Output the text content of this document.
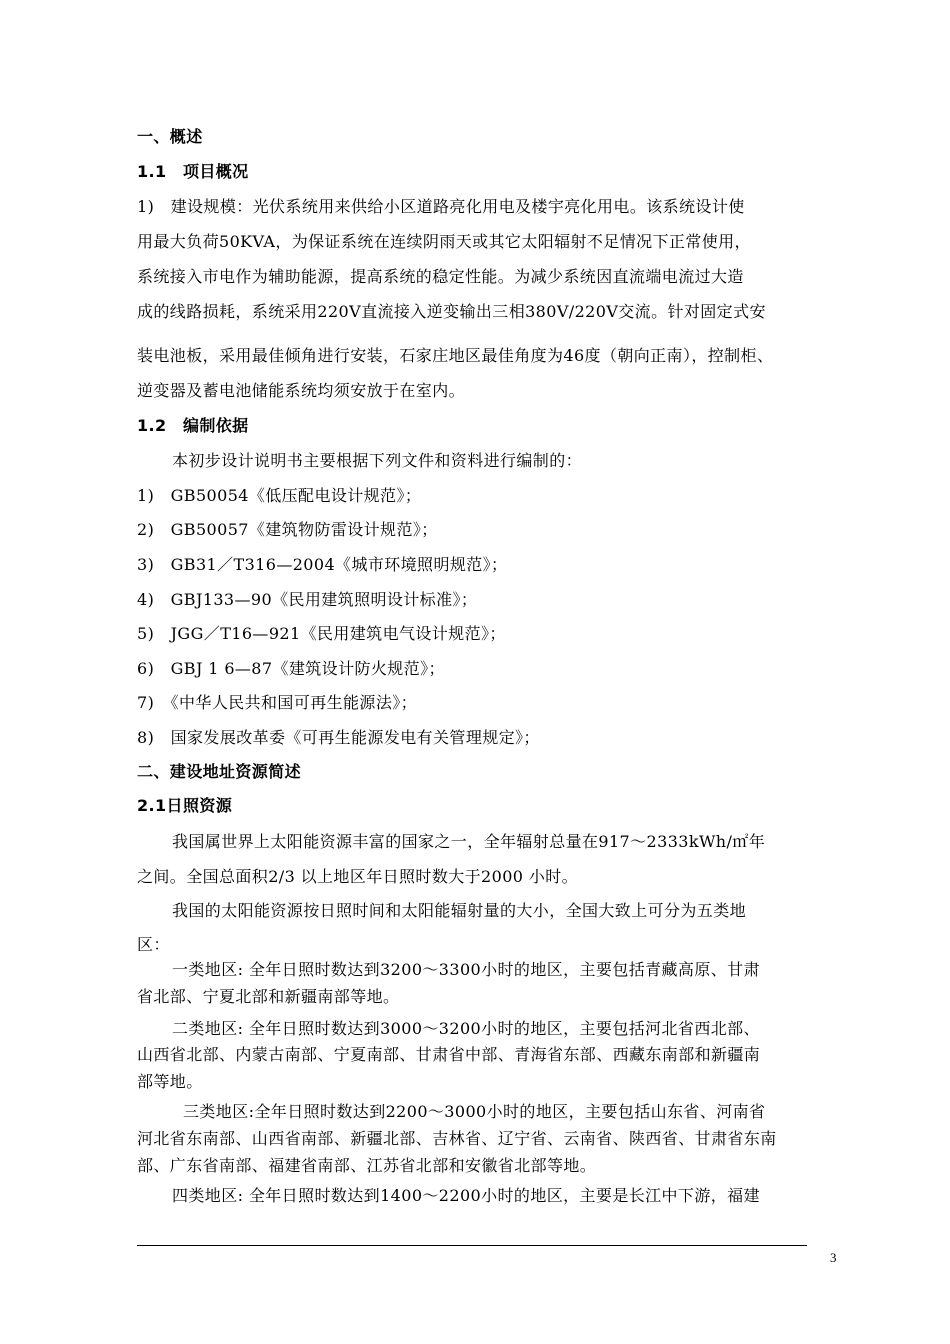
一、概述
1.1　项目概况
1)　建设规模：光伏系统用来供给小区道路亮化用电及楼宇亮化用电。该系统设计使
用最大负荷50KVA，为保证系统在连续阴雨天或其它太阳辐射不足情况下正常使用，
系统接入市电作为辅助能源，提高系统的稳定性能。为减少系统因直流端电流过大造
成的线路损耗，系统采用220V直流接入逆变输出三相380V/220V交流。针对固定式安
装电池板，采用最佳倾角进行安装，石家庄地区最佳角度为46度（朝向正南），控制柜、
逆变器及蓄电池储能系统均须安放于在室内。
1.2　编制依据
本初步设计说明书主要根据下列文件和资料进行编制的：
1)　GB50054《低压配电设计规范》；
2)　GB50057《建筑物防雷设计规范》；
3)　GB31／T316—2004《城市环境照明规范》；
4)　GBJ133—90《民用建筑照明设计标准》；
5)　JGG／T16—921《民用建筑电气设计规范》；
6)　GBJ 1 6—87《建筑设计防火规范》；
7)　《中华人民共和国可再生能源法》；
8)　国家发展改革委《可再生能源发电有关管理规定》；
二、建设地址资源简述
2.1日照资源
我国属世界上太阳能资源丰富的国家之一，全年辐射总量在917～2333kWh/㎡年
之间。全国总面积2/3 以上地区年日照时数大于2000 小时。
我国的太阳能资源按日照时间和太阳能辐射量的大小，全国大致上可分为五类地
区：
一类地区: 全年日照时数达到3200～3300小时的地区，主要包括青藏高原、甘肃
省北部、宁夏北部和新疆南部等地。
二类地区: 全年日照时数达到3000～3200小时的地区，主要包括河北省西北部、
山西省北部、内蒙古南部、宁夏南部、甘肃省中部、青海省东部、西藏东南部和新疆南
部等地。
三类地区:全年日照时数达到2200～3000小时的地区，主要包括山东省、河南省
河北省东南部、山西省南部、新疆北部、吉林省、辽宁省、云南省、陕西省、甘肃省东南
部、广东省南部、福建省南部、江苏省北部和安徽省北部等地。
四类地区: 全年日照时数达到1400～2200小时的地区，主要是长江中下游，福建
3
